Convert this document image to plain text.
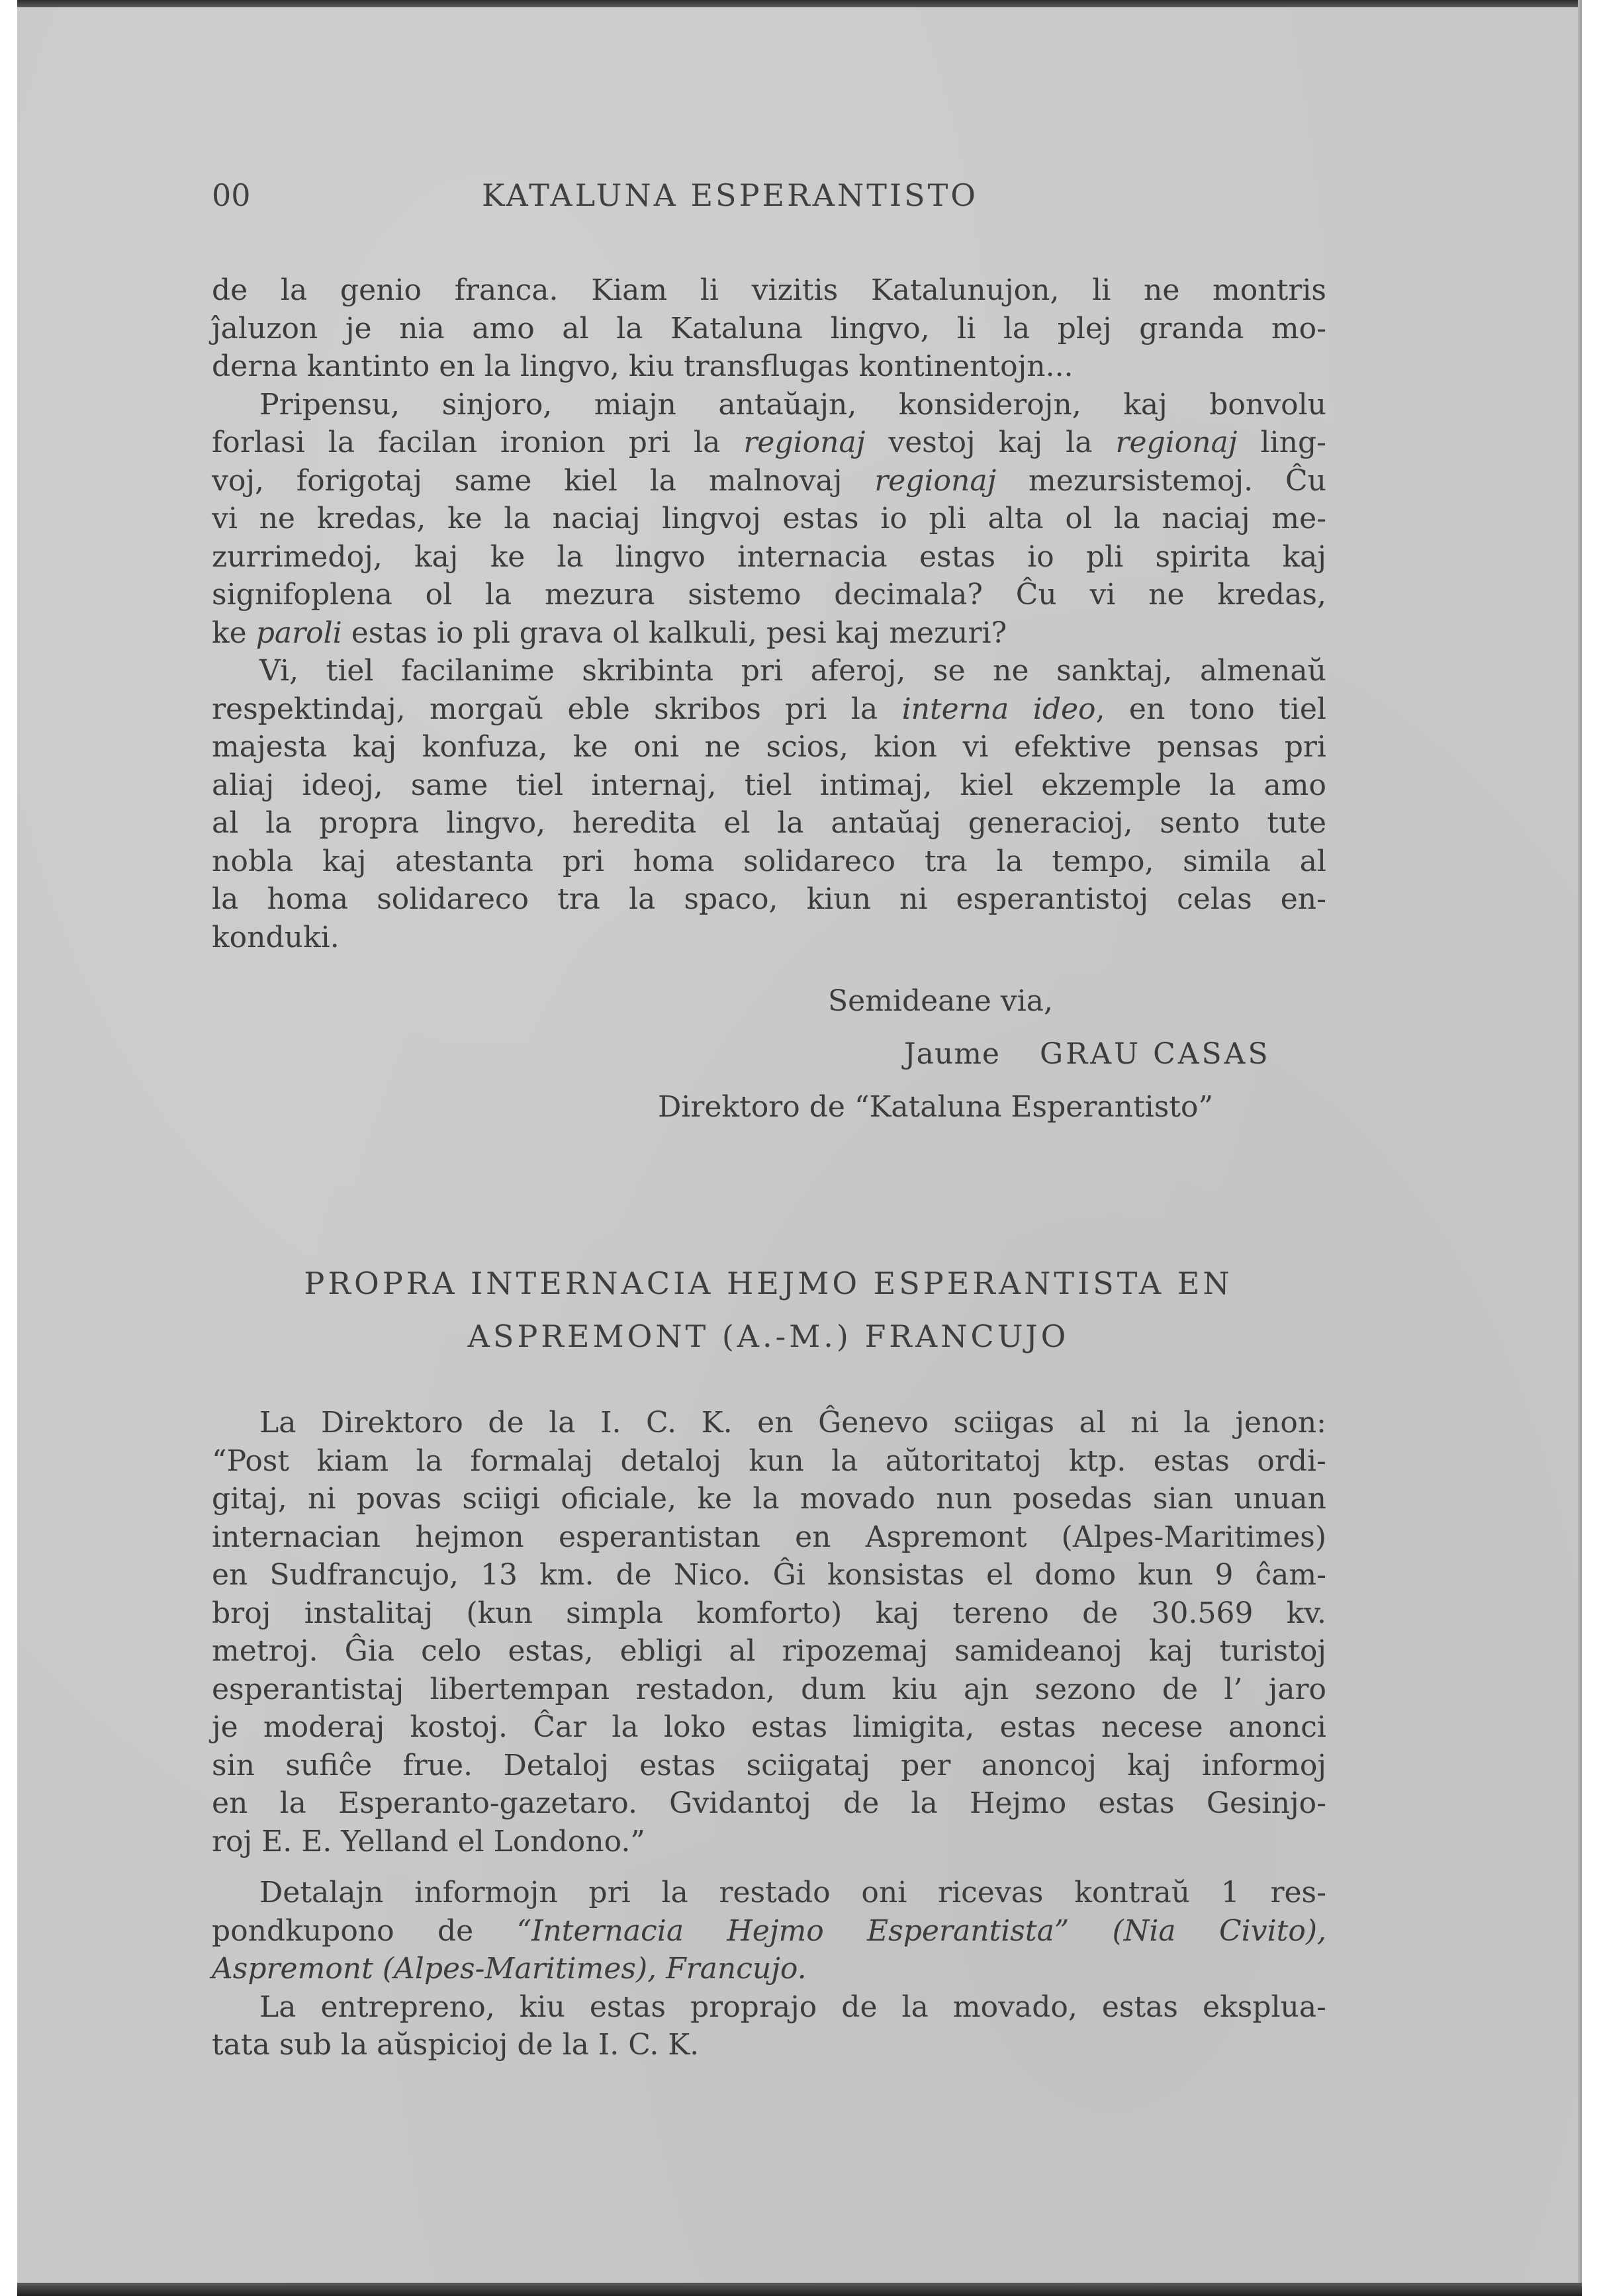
00	KATALUNA ESPERANTISTO
de la genio franca. Kiam li vizitis Katalunujon, li ne montris
ĵaluzon je nia amo al la Kataluna lingvo, li la plej granda mo-
derna kantinto en la lingvo, kiu transflugas kontinentojn...
Pripensu, sinjoro, miajn antaŭajn, konsiderojn, kaj bonvolu
forlasi la facilan ironion pri la regionaj vestoj kaj la regionaj ling-
voj, forigotaj same kiel la malnovaj regionaj mezursistemoj. Ĉu
vi ne kredas, ke la naciaj lingvoj estas io pli alta ol la naciaj me-
zurrimedoj, kaj ke la lingvo internacia estas io pli spirita kaj
signifoplena ol la mezura sistemo decimala? Ĉu vi ne kredas,
ke paroli estas io pli grava ol kalkuli, pesi kaj mezuri?
Vi, tiel facilanime skribinta pri aferoj, se ne sanktaj, almenaŭ
respektindaj, morgaŭ eble skribos pri la interna ideo, en tono tiel
majesta kaj konfuza, ke oni ne scios, kion vi efektive pensas pri
aliaj ideoj, same tiel internaj, tiel intimaj, kiel ekzemple la amo
al la propra lingvo, heredita el la antaŭaj generacioj, sento tute
nobla kaj atestanta pri homa solidareco tra la tempo, simila al
la homa solidareco tra la spaco, kiun ni esperantistoj celas en-
konduki.
Semideane via,
Jaume GRAU CASAS
Direktoro de “Kataluna Esperantisto”
PROPRA INTERNACIA HEJMO ESPERANTISTA EN
ASPREMONT (A.-M.) FRANCUJO
La Direktoro de la I. C. K. en Ĝenevo sciigas al ni la jenon:
“Post kiam la formalaj detaloj kun la aŭtoritatoj ktp. estas ordi-
gitaj, ni povas sciigi oficiale, ke la movado nun posedas sian unuan
internacian hejmon esperantistan en Aspremont (Alpes-Maritimes)
en Sudfrancujo, 13 km. de Nico. Ĝi konsistas el domo kun 9 ĉam-
broj instalitaj (kun simpla komforto) kaj tereno de 30.569 kv.
metroj. Ĝia celo estas, ebligi al ripozemaj samideanoj kaj turistoj
esperantistaj libertempan restadon, dum kiu ajn sezono de l’ jaro
je moderaj kostoj. Ĉar la loko estas limigita, estas necese anonci
sin sufiĉe frue. Detaloj estas sciigataj per anoncoj kaj informoj
en la Esperanto-gazetaro. Gvidantoj de la Hejmo estas Gesinjo-
roj E. E. Yelland el Londono.”
Detalajn informojn pri la restado oni ricevas kontraŭ 1 res-
pondkupono de “Internacia Hejmo Esperantista” (Nia Civito),
Aspremont (Alpes-Maritimes), Francujo.
La entrepreno, kiu estas proprajo de la movado, estas ekspluа-
tata sub la aŭspicioj de la I. C. K.
